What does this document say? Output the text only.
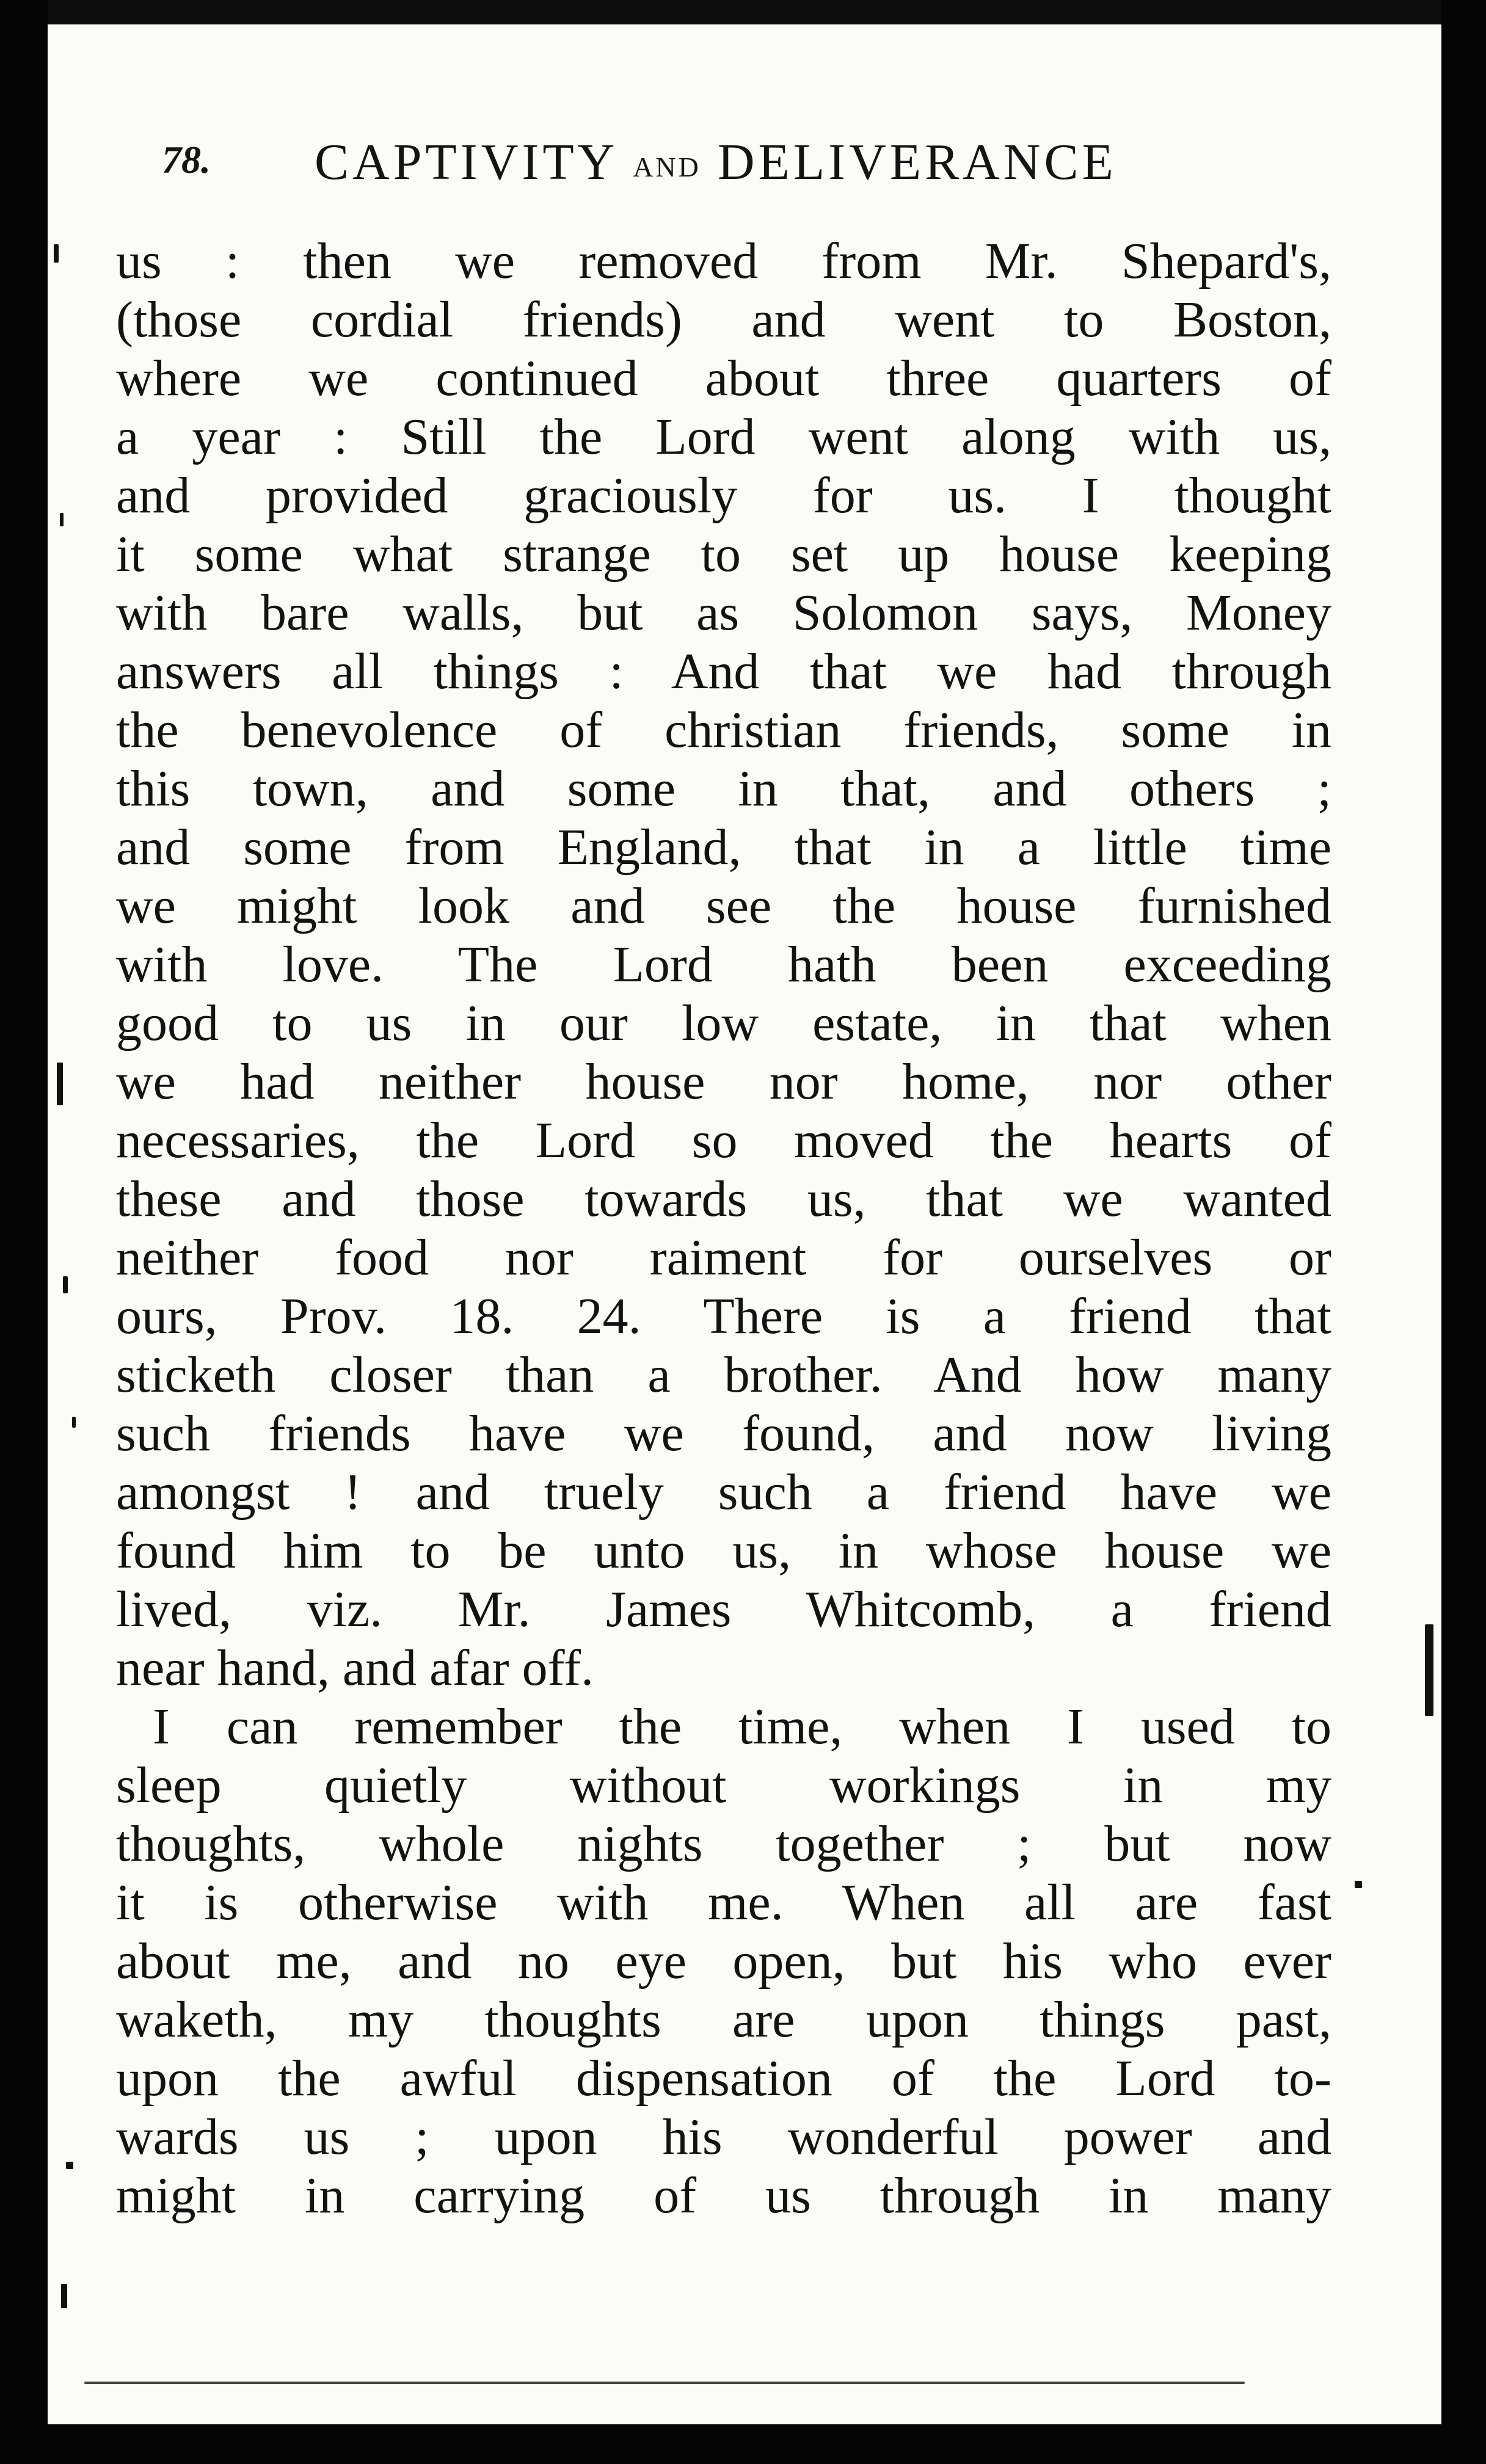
78. CAPTIVITY AND DELIVERANCE
us : then we removed from Mr. Shepard's,
(those cordial friends) and went to Boston,
where we continued about three quarters of
a year : Still the Lord went along with us,
and provided graciously for us. I thought
it some what strange to set up house keeping
with bare walls, but as Solomon says, Money
answers all things : And that we had through
the benevolence of christian friends, some in
this town, and some in that, and others ;
and some from England, that in a little time
we might look and see the house furnished
with love. The Lord hath been exceeding
good to us in our low estate, in that when
we had neither house nor home, nor other
necessaries, the Lord so moved the hearts of
these and those towards us, that we wanted
neither food nor raiment for ourselves or
ours, Prov. 18. 24. There is a friend that
sticketh closer than a brother. And how many
such friends have we found, and now living
amongst ! and truely such a friend have we
found him to be unto us, in whose house we
lived, viz. Mr. James Whitcomb, a friend
near hand, and afar off.
I can remember the time, when I used to
sleep quietly without workings in my
thoughts, whole nights together ; but now
it is otherwise with me. When all are fast
about me, and no eye open, but his who ever
waketh, my thoughts are upon things past,
upon the awful dispensation of the Lord to-
wards us ; upon his wonderful power and
might in carrying of us through in many
